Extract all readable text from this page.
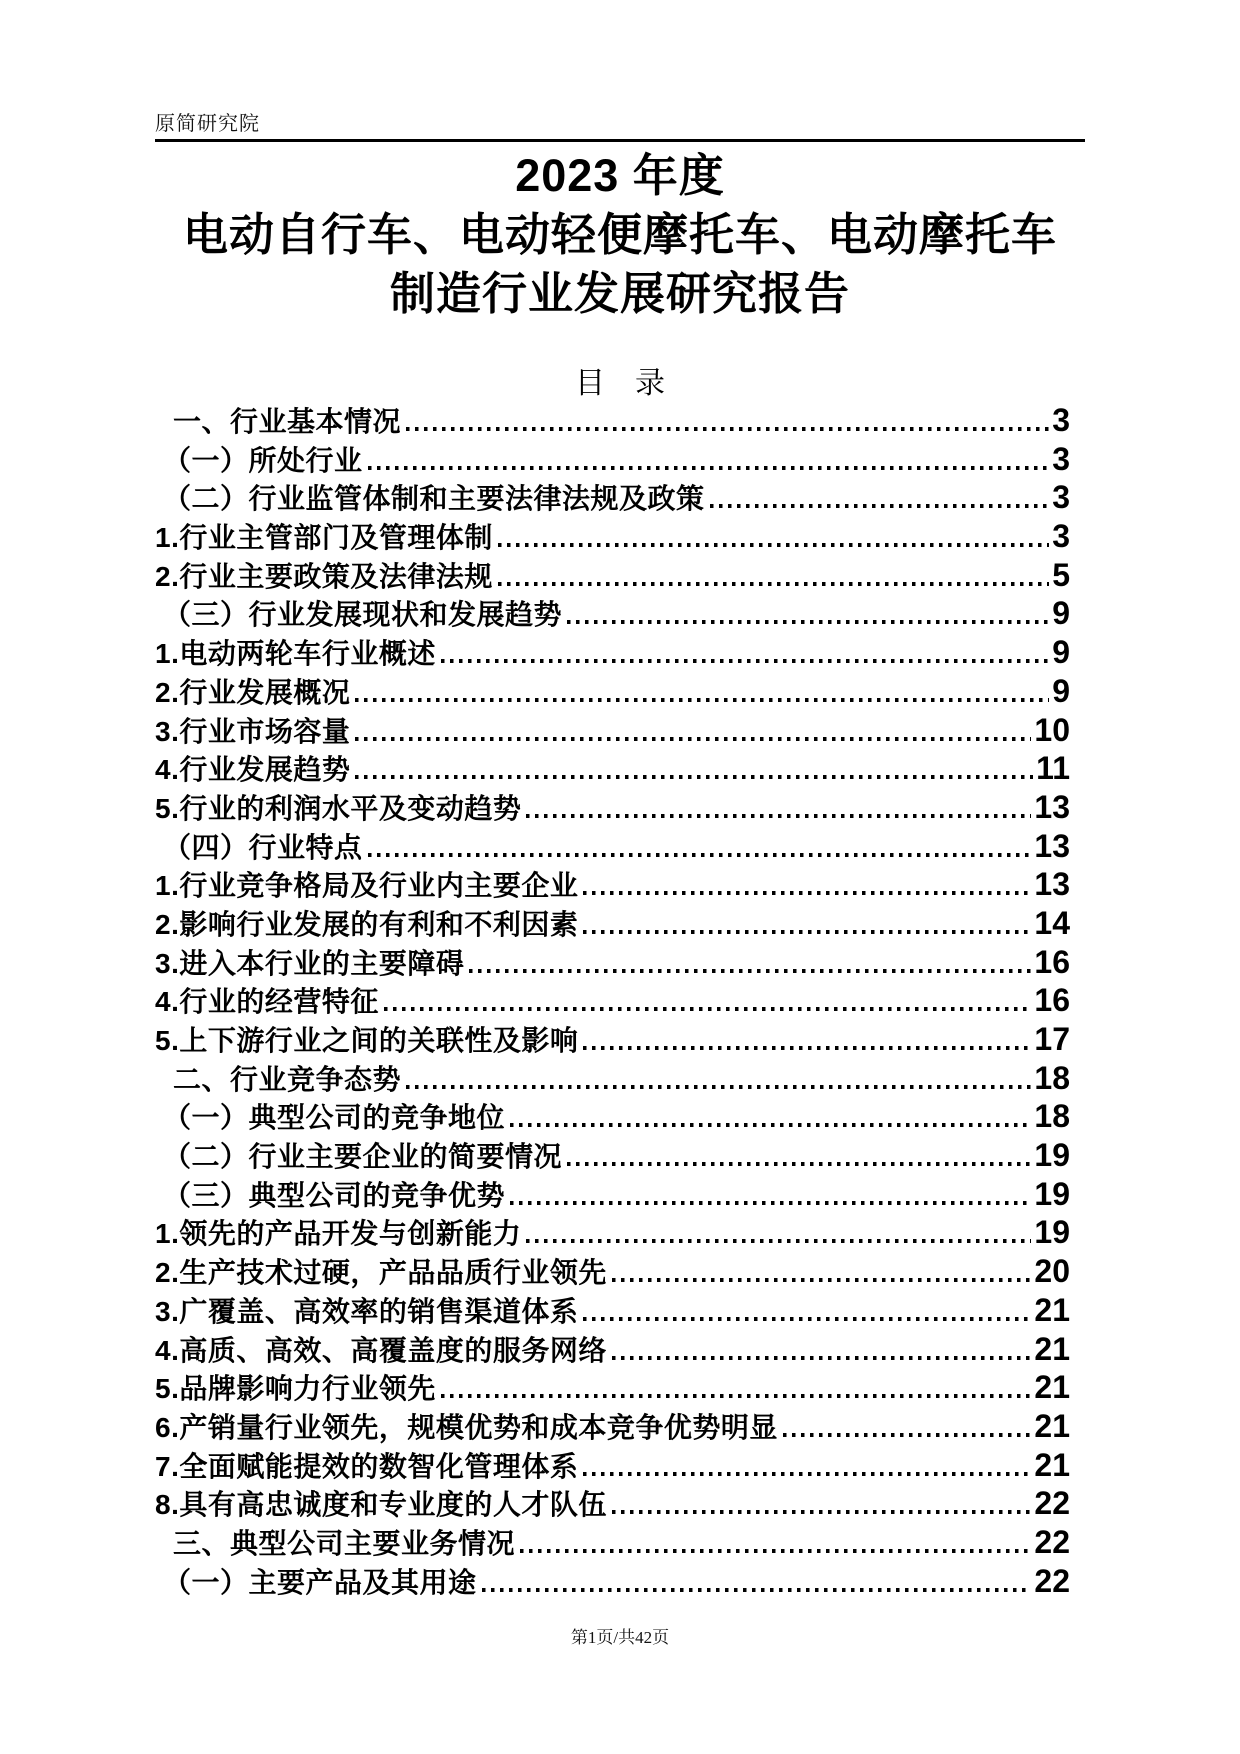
原简研究院
2023 年度
电动自行车、电动轻便摩托车、电动摩托车
制造行业发展研究报告
目　录
一、行业基本情况	3
（一）所处行业	3
（二）行业监管体制和主要法律法规及政策	3
1.行业主管部门及管理体制	3
2.行业主要政策及法律法规	5
（三）行业发展现状和发展趋势	9
1.电动两轮车行业概述	9
2.行业发展概况	9
3.行业市场容量	10
4.行业发展趋势	11
5.行业的利润水平及变动趋势	13
（四）行业特点	13
1.行业竞争格局及行业内主要企业	13
2.影响行业发展的有利和不利因素	14
3.进入本行业的主要障碍	16
4.行业的经营特征	16
5.上下游行业之间的关联性及影响	17
二、行业竞争态势	18
（一）典型公司的竞争地位	18
（二）行业主要企业的简要情况	19
（三）典型公司的竞争优势	19
1.领先的产品开发与创新能力	19
2.生产技术过硬，产品品质行业领先	20
3.广覆盖、高效率的销售渠道体系	21
4.高质、高效、高覆盖度的服务网络	21
5.品牌影响力行业领先	21
6.产销量行业领先，规模优势和成本竞争优势明显	21
7.全面赋能提效的数智化管理体系	21
8.具有高忠诚度和专业度的人才队伍	22
三、典型公司主要业务情况	22
（一）主要产品及其用途	22
第1页/共42页
